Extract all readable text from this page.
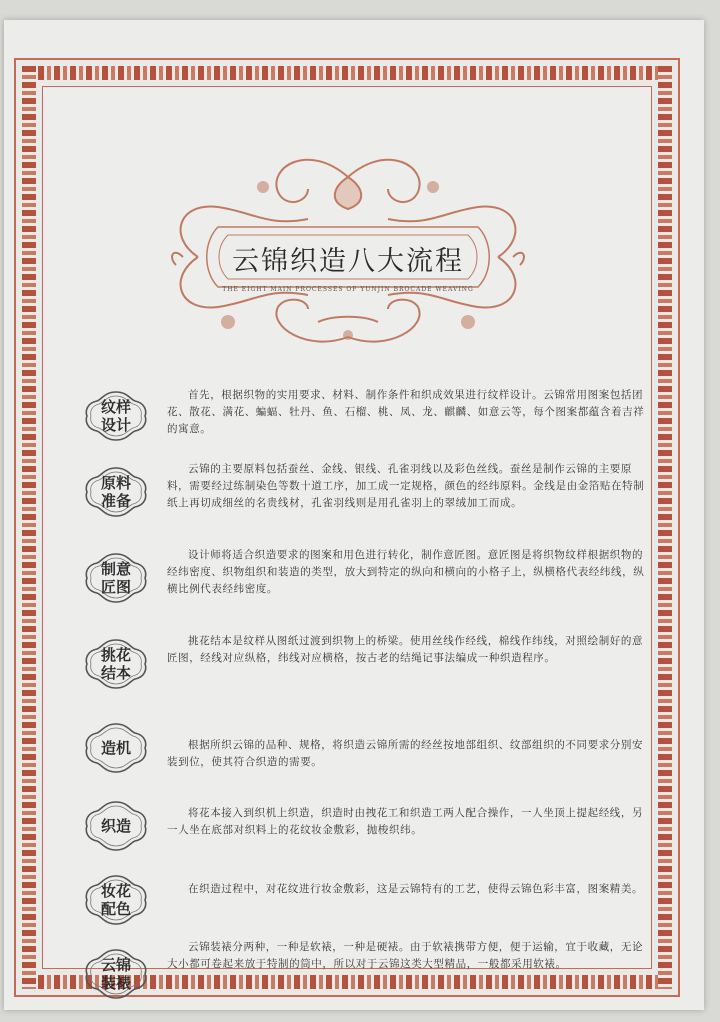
云锦织造八大流程
THE EIGHT MAIN PROCESSES OF YUNJIN BROCADE WEAVING
纹样
设计
首先，根据织物的实用要求、材料、制作条件和织成效果进行纹样设计。云锦常用图案包括团花、散花、满花、蝙蝠、牡丹、鱼、石榴、桃、凤、龙、麒麟、如意云等，每个图案都蕴含着吉祥的寓意。
原料
准备
云锦的主要原料包括蚕丝、金线、银线、孔雀羽线以及彩色丝线。蚕丝是制作云锦的主要原料，需要经过练制染色等数十道工序，加工成一定规格，颜色的经纬原料。金线是由金箔贴在特制纸上再切成细丝的名贵线材，孔雀羽线则是用孔雀羽上的翠绒加工而成。
制意
匠图
设计师将适合织造要求的图案和用色进行转化，制作意匠图。意匠图是将织物纹样根据织物的经纬密度、织物组织和装造的类型，放大到特定的纵向和横向的小格子上，纵横格代表经纬线，纵横比例代表经纬密度。
挑花
结本
挑花结本是纹样从图纸过渡到织物上的桥梁。使用丝线作经线，棉线作纬线，对照绘制好的意匠图，经线对应纵格，纬线对应横格，按古老的结绳记事法编成一种织造程序。
造机	根据所织云锦的品种、规格，将织造云锦所需的经丝按地部组织、纹部组织的不同要求分别安装到位，使其符合织造的需要。
织造
将花本接入到织机上织造，织造时由拽花工和织造工两人配合操作，一人坐顶上提起经线，另一人坐在底部对织料上的花纹妆金敷彩，抛梭织纬。
妆花
配色
在织造过程中，对花纹进行妆金敷彩，这是云锦特有的工艺，使得云锦色彩丰富，图案精美。
云锦
装裱
云锦装裱分两种，一种是软裱，一种是硬裱。由于软裱携带方便，便于运输，宜于收藏，无论大小都可卷起来放于特制的筒中，所以对于云锦这类大型精品，一般都采用软裱。
